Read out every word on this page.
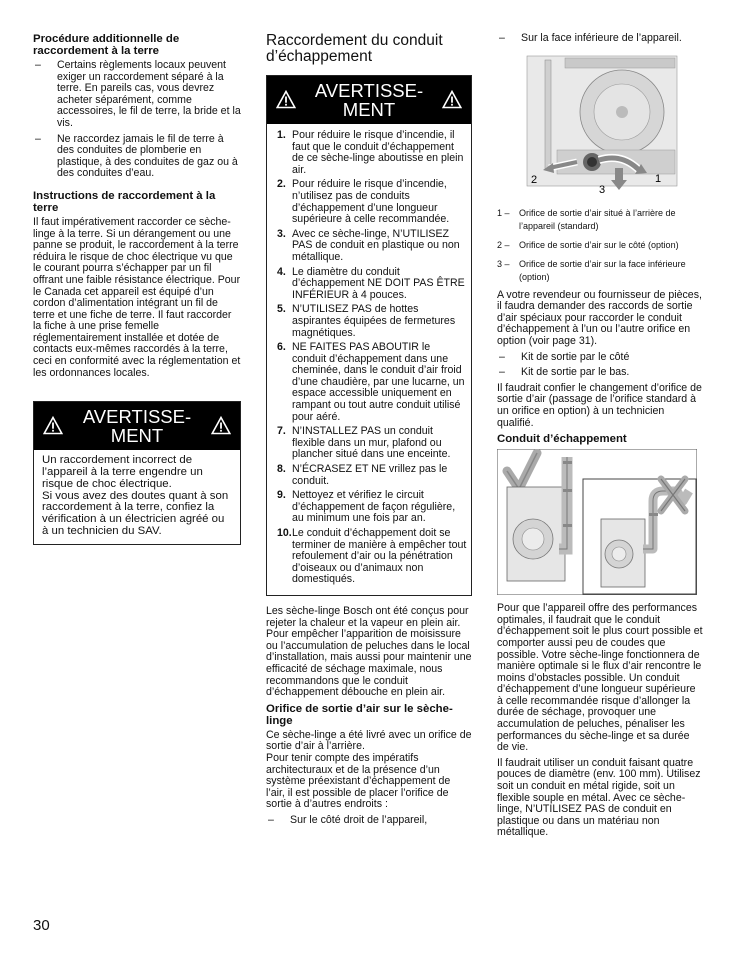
Procédure additionnelle de raccordement à la terre
– Certains règlements locaux peuvent exiger un raccordement séparé à la terre. En pareils cas, vous devrez acheter séparément, comme accessoires, le fil de terre, la bride et la vis.
– Ne raccordez jamais le fil de terre à des conduites de plomberie en plastique, à des conduites de gaz ou à des conduites d’eau.
Instructions de raccordement à la terre

Il faut impérativement raccorder ce sèche-linge à la terre. Si un dérangement ou une panne se produit, le raccordement à la terre réduira le risque de choc électrique vu que le courant pourra s’échapper par un fil offrant une faible résistance électrique. Pour le Canada cet appareil est équipé d’un cordon d’alimentation intégrant un fil de terre et une fiche de terre. Il faut raccorder la fiche à une prise femelle réglementairement installée et dotée de contacts eux-mêmes raccordés à la terre, ceci en conformité avec la réglementation et les ordonnances locales.

AVERTISSE-MENT
Un raccordement incorrect de l’appareil à la terre engendre un risque de choc électrique.
Si vous avez des doutes quant à son raccordement à la terre, confiez la vérification à un électricien agréé ou à un technicien du SAV.
Raccordement du conduit d’échappement
AVERTISSE-MENT
1. Pour réduire le risque d’incendie, il faut que le conduit d’échappement de ce sèche-linge aboutisse en plein air.
2. Pour réduire le risque d’incendie, n’utilisez pas de conduits d’échappement d’une longueur supérieure à celle recommandée.
3. Avec ce sèche-linge, N’UTILISEZ PAS de conduit en plastique ou non métallique.
4. Le diamètre du conduit d’échappement NE DOIT PAS ÊTRE INFÉRIEUR à 4 pouces.
5. N’UTILISEZ PAS de hottes aspirantes équipées de fermetures magnétiques.
6. NE FAITES PAS ABOUTIR le conduit d’échappement dans une cheminée, dans le conduit d’air froid d’une chaudière, par une lucarne, un espace accessible uniquement en rampant ou tout autre conduit utilisé pour aéré.
7. N’INSTALLEZ PAS un conduit flexible dans un mur, plafond ou plancher situé dans une enceinte.
8. N’ÉCRASEZ ET NE vrillez pas le conduit.
9. Nettoyez et vérifiez le circuit d’échappement de façon régulière, au minimum une fois par an.
10. Le conduit d’échappement doit se terminer de manière à empêcher tout refoulement d’air ou la pénétration d’oiseaux ou d’animaux non domestiqués.

Les sèche-linge Bosch ont été conçus pour rejeter la chaleur et la vapeur en plein air. Pour empêcher l’apparition de moisissure ou l’accumulation de peluches dans le local d’installation, mais aussi pour maintenir une efficacité de séchage maximale, nous recommandons que le conduit d’échappement débouche en plein air.

Orifice de sortie d’air sur le sèche-linge

Ce sèche-linge a été livré avec un orifice de sortie d’air à l’arrière.

Pour tenir compte des impératifs architecturaux et de la présence d’un système préexistant d’échappement de l’air, il est possible de placer l’orifice de sortie à d’autres endroits :

– Sur le côté droit de l’appareil,
– Sur la face inférieure de l’appareil.
1
2
3
1 – Orifice de sortie d’air situé à l’arrière de l’appareil (standard)
2 – Orifice de sortie d’air sur le côté (option)
3 – Orifice de sortie d’air sur la face inférieure (option)

A votre revendeur ou fournisseur de pièces, il faudra demander des raccords de sortie d’air spéciaux pour raccorder le conduit d’échappement à l’un ou l’autre orifice en option (voir page 31).

– Kit de sortie par le côté
– Kit de sortie par le bas.

Il faudrait confier le changement d’orifice de sortie d’air (passage de l’orifice standard à un orifice en option) à un technicien qualifié.

Conduit d’échappement

Pour que l’appareil offre des performances optimales, il faudrait que le conduit d’échappement soit le plus court possible et comporter aussi peu de coudes que possible. Votre sèche-linge fonctionnera de manière optimale si le flux d’air rencontre le moins d’obstacles possible. Un conduit d’échappement d’une longueur supérieure à celle recommandée risque d’allonger la durée de séchage, provoquer une accumulation de peluches, pénaliser les performances du sèche-linge et sa durée de vie.

Il faudrait utiliser un conduit faisant quatre pouces de diamètre (env. 100 mm). Utilisez soit un conduit en métal rigide, soit un flexible souple en métal. Avec ce sèche-linge, N’UTILISEZ PAS de conduit en plastique ou dans un matériau non métallique.

30
